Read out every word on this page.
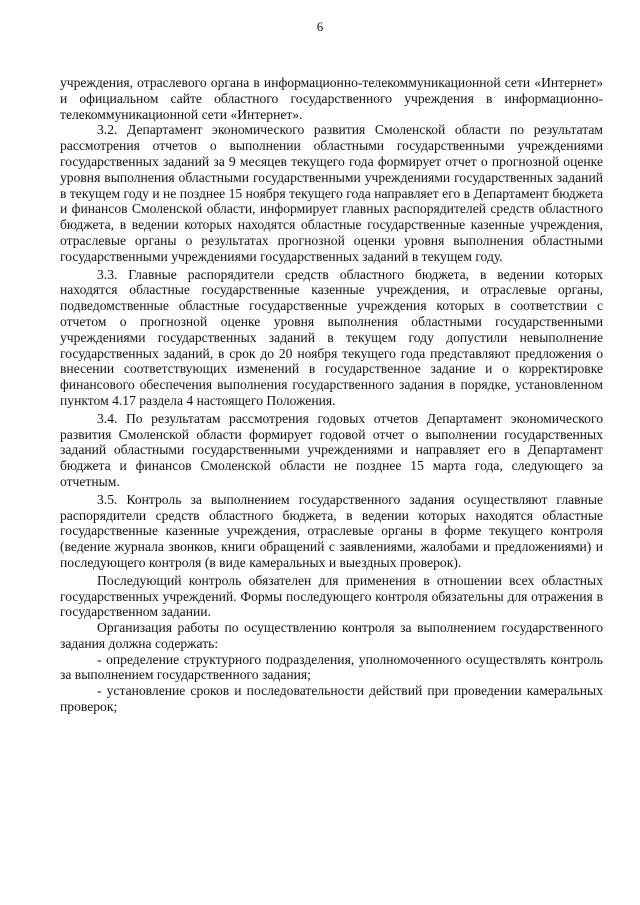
6

учреждения, отраслевого органа в информационно-телекоммуникационной сети «Интернет» и официальном сайте областного государственного учреждения в информационно-телекоммуникационной сети «Интернет».

3.2. Департамент экономического развития Смоленской области по результатам рассмотрения отчетов о выполнении областными государственными учреждениями государственных заданий за 9 месяцев текущего года формирует отчет о прогнозной оценке уровня выполнения областными государственными учреждениями государственных заданий в текущем году и не позднее 15 ноября текущего года направляет его в Департамент бюджета и финансов Смоленской области, информирует главных распорядителей средств областного бюджета, в ведении которых находятся областные государственные казенные учреждения, отраслевые органы о результатах прогнозной оценки уровня выполнения областными государственными учреждениями государственных заданий в текущем году.

3.3. Главные распорядители средств областного бюджета, в ведении которых находятся областные государственные казенные учреждения, и отраслевые органы, подведомственные областные государственные учреждения которых в соответствии с отчетом о прогнозной оценке уровня выполнения областными государственными учреждениями государственных заданий в текущем году допустили невыполнение государственных заданий, в срок до 20 ноября текущего года представляют предложения о внесении соответствующих изменений в государственное задание и о корректировке финансового обеспечения выполнения государственного задания в порядке, установленном пунктом 4.17 раздела 4 настоящего Положения.

3.4. По результатам рассмотрения годовых отчетов Департамент экономического развития Смоленской области формирует годовой отчет о выполнении государственных заданий областными государственными учреждениями и направляет его в Департамент бюджета и финансов Смоленской области не позднее 15 марта года, следующего за отчетным.

3.5. Контроль за выполнением государственного задания осуществляют главные распорядители средств областного бюджета, в ведении которых находятся областные государственные казенные учреждения, отраслевые органы в форме текущего контроля (ведение журнала звонков, книги обращений с заявлениями, жалобами и предложениями) и последующего контроля (в виде камеральных и выездных проверок).

Последующий контроль обязателен для применения в отношении всех областных государственных учреждений. Формы последующего контроля обязательны для отражения в государственном задании.

Организация работы по осуществлению контроля за выполнением государственного задания должна содержать:

- определение структурного подразделения, уполномоченного осуществлять контроль за выполнением государственного задания;

- установление сроков и последовательности действий при проведении камеральных проверок;
